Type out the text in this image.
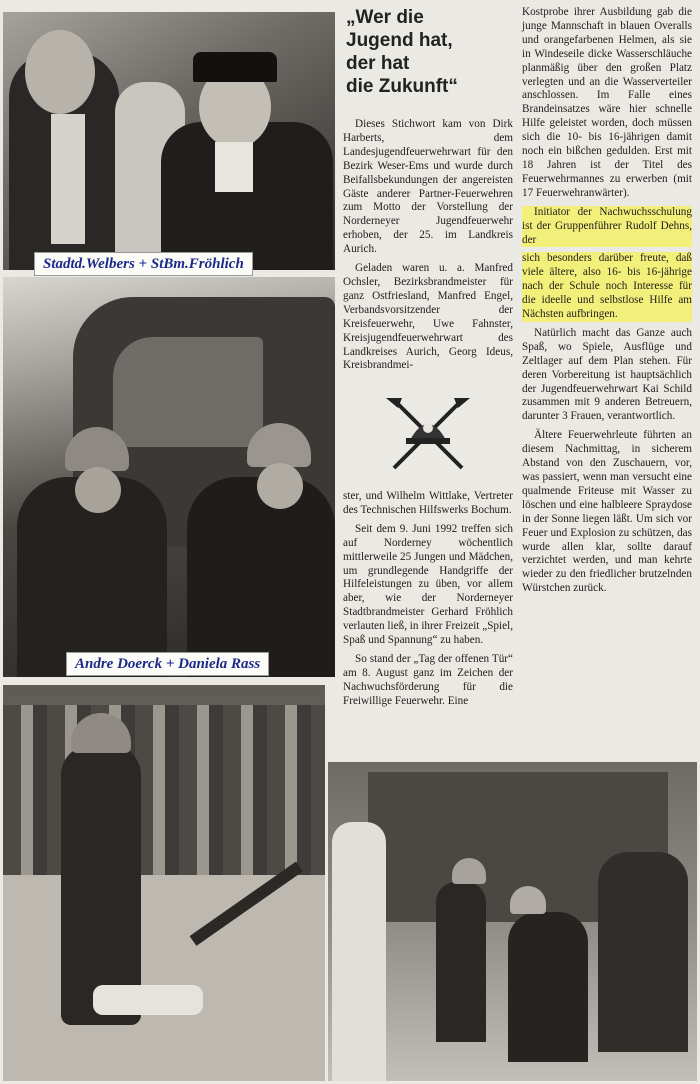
Stadtd.Welbers + StBm.Fröhlich
Andre Doerck + Daniela Rass
„Wer die
Jugend hat,
der hat
die Zukunft“

Dieses Stichwort kam von Dirk Harberts, dem Landesjugendfeuerwehrwart für den Bezirk Weser-Ems und wurde durch Beifallsbekundungen der angereisten Gäste anderer Partner-Feuerwehren zum Motto der Vorstellung der Norderneyer Jugendfeuerwehr erhoben, der 25. im Landkreis Aurich.

Geladen waren u. a. Manfred Ochsler, Bezirksbrandmeister für ganz Ostfriesland, Manfred Engel, Verbandsvorsitzender der Kreisfeuerwehr, Uwe Fahnster, Kreisjugendfeuerwehrwart des Landkreises Aurich, Georg Ideus, Kreisbrandmei-

ster, und Wilhelm Wittlake, Vertreter des Technischen Hilfswerks Bochum.

Seit dem 9. Juni 1992 treffen sich auf Norderney wöchentlich mittlerweile 25 Jungen und Mädchen, um grundlegende Handgriffe der Hilfeleistungen zu üben, vor allem aber, wie der Norderneyer Stadtbrandmeister Gerhard Fröhlich verlauten ließ, in ihrer Freizeit „Spiel, Spaß und Spannung“ zu haben.

So stand der „Tag der offenen Tür“ am 8. August ganz im Zeichen der Nachwuchsförderung für die Freiwillige Feuerwehr. Eine

Kostprobe ihrer Ausbildung gab die junge Mannschaft in blauen Overalls und orangefarbenen Helmen, als sie in Windeseile dicke Wasserschläuche planmäßig über den großen Platz verlegten und an die Wasserverteiler anschlossen. Im Falle eines Brandeinsatzes wäre hier schnelle Hilfe geleistet worden, doch müssen sich die 10- bis 16-jährigen damit noch ein bißchen gedulden. Erst mit 18 Jahren ist der Titel des Feuerwehrmannes zu erwerben (mit 17 Feuerwehranwärter).

Initiator der Nachwuchsschulung ist der Gruppenführer Rudolf Dehns, der

sich besonders darüber freute, daß viele ältere, also 16- bis 16-jährige nach der Schule noch Interesse für die ideelle und selbstlose Hilfe am Nächsten aufbringen.

Natürlich macht das Ganze auch Spaß, wo Spiele, Ausflüge und Zeltlager auf dem Plan stehen. Für deren Vorbereitung ist hauptsächlich der Jugendfeuerwehrwart Kai Schild zusammen mit 9 anderen Betreuern, darunter 3 Frauen, verantwortlich.

Ältere Feuerwehrleute führten an diesem Nachmittag, in sicherem Abstand von den Zuschauern, vor, was passiert, wenn man versucht eine qualmende Friteuse mit Wasser zu löschen und eine halbleere Spraydose in der Sonne liegen läßt. Um sich vor Feuer und Explosion zu schützen, das wurde allen klar, sollte darauf verzichtet werden, und man kehrte wieder zu den friedlicher brutzelnden Würstchen zurück.
